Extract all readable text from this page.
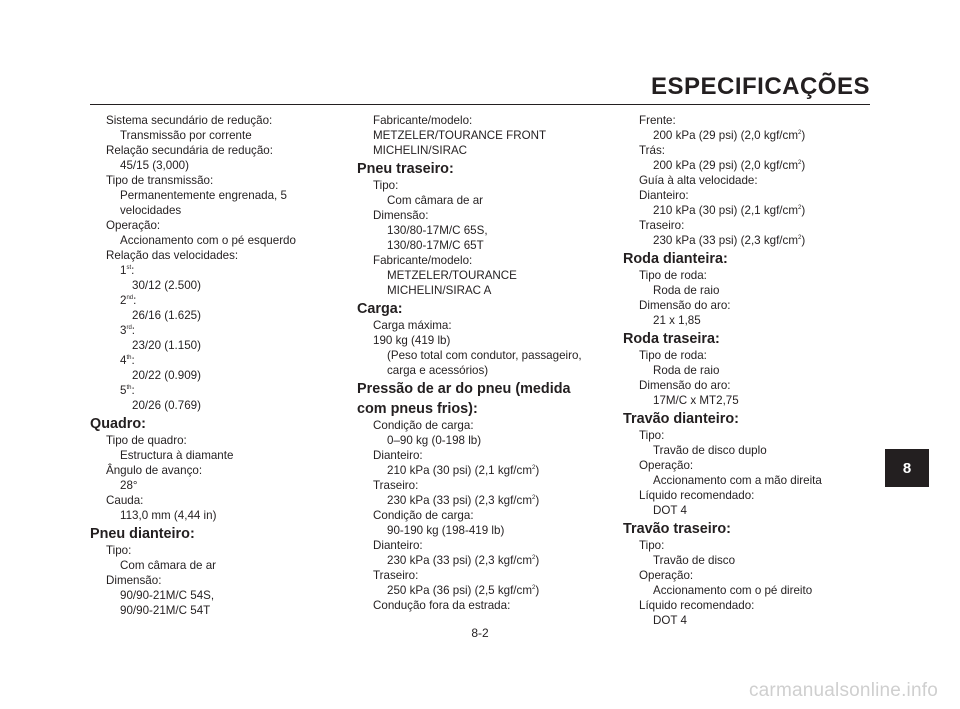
ESPECIFICAÇÕES
Sistema secundário de redução:
Transmissão por corrente
Relação secundária de redução:
45/15 (3,000)
Tipo de transmissão:
Permanentemente engrenada, 5
velocidades
Operação:
Accionamento com o pé esquerdo
Relação das velocidades:
1st:
30/12 (2.500)
2nd:
26/16 (1.625)
3rd:
23/20 (1.150)
4th:
20/22 (0.909)
5th:
20/26 (0.769)
Quadro:
Tipo de quadro:
Estructura à diamante
Ângulo de avanço:
28°
Cauda:
113,0 mm (4,44 in)
Pneu dianteiro:
Tipo:
Com câmara de ar
Dimensão:
90/90-21M/C 54S,
90/90-21M/C 54T
Fabricante/modelo:
METZELER/TOURANCE FRONT
MICHELIN/SIRAC
Pneu traseiro:
Tipo:
Com câmara de ar
Dimensão:
130/80-17M/C 65S,
130/80-17M/C 65T
Fabricante/modelo:
METZELER/TOURANCE
MICHELIN/SIRAC A
Carga:
Carga máxima:
190 kg (419 lb)
(Peso total com condutor, passageiro,
carga e acessórios)
Pressão de ar do pneu (medida
com pneus frios):
Condição de carga:
0–90 kg (0-198 lb)
Dianteiro:
210 kPa (30 psi) (2,1 kgf/$cm^2$)
Traseiro:
230 kPa (33 psi) (2,3 kgf/$cm^2$)
Condição de carga:
90-190 kg (198-419 lb)
Dianteiro:
230 kPa (33 psi) (2,3 kgf/$cm^2$)
Traseiro:
250 kPa (36 psi) (2,5 kgf/$cm^2$)
Condução fora da estrada:
Frente:
200 kPa (29 psi) (2,0 kgf/$cm^2$)
Trás:
200 kPa (29 psi) (2,0 kgf/$cm^2$)
Guía à alta velocidade:
Dianteiro:
210 kPa (30 psi) (2,1 kgf/$cm^2$)
Traseiro:
230 kPa (33 psi) (2,3 kgf/$cm^2$)
Roda dianteira:
Tipo de roda:
Roda de raio
Dimensão do aro:
21 x 1,85
Roda traseira:
Tipo de roda:
Roda de raio
Dimensão do aro:
17M/C x MT2,75
Travão dianteiro:
Tipo:
Travão de disco duplo
Operação:
Accionamento com a mão direita
Líquido recomendado:
DOT 4
Travão traseiro:
Tipo:
Travão de disco
Operação:
Accionamento com o pé direito
Líquido recomendado:
DOT 4
8
8-2
carmanualsonline.info
